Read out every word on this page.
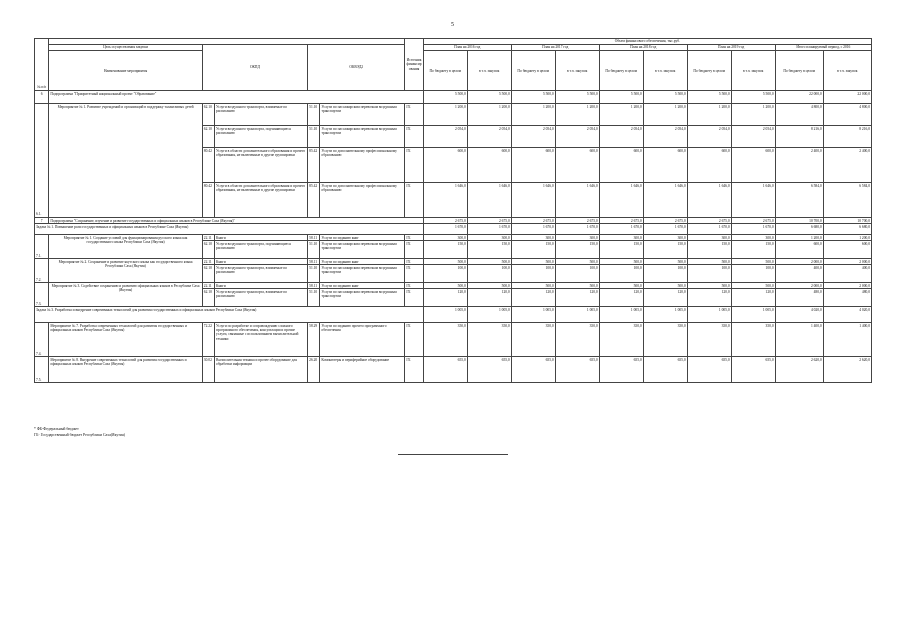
5
№ п/п						Источник финансирования	Объем финансового обеспечения, тыс.руб.									
	Цель осуществления закупки	ОКПД		ОКВЭД2			План на 2016 год		План на 2017 год		План на 2018 год		План на 2019 год		Итого планируемый период, с 2016	
	Наименование мероприятия						По бюджету в целом	в т.ч. закупок	По бюджету в целом	в т.ч. закупок	По бюджету в целом	в т.ч. закупок	По бюджету в целом	в т.ч. закупок	По бюджету в целом	в т.ч. закупок

6	Подпрограмма "Приоритетный национальный проект "Образование"						5 500,0	5 500,0	5 500,0	5 500,0	5 500,0	5 500,0	5 500,0	5 500,0	22 000,0	22 000,0
6.1.	Мероприятие № 1. Развитие учреждений и организаций в поддержку талантливых детей	62.10	Услуги воздушного транспорта, взимаемые по расписанию	51.10	Услуги по пассажирским перевозкам воздушным транспортом	ГБ	1 200,0	1 200,0	1 200,0	1 200,0	1 200,0	1 200,0	1 200,0	1 200,0	4 800,0	4 800,0
		62.10	Услуги воздушного транспорта, подчиняющиеся расписанию	51.10	Услуги по пассажирским перевозкам воздушным транспортом	ГБ	2 054,0	2 054,0	2 054,0	2 054,0	2 054,0	2 054,0	2 054,0	2 054,0	8 216,0	8 216,0
		80.42	Услуги в области дополнительного образования и прочего образования, не включенные в другие группировки	85.42	Услуги по дополнительному профессиональному образованию	ГБ	600,0	600,0	600,0	600,0	600,0	600,0	600,0	600,0	2 400,0	2 400,0
		80.42	Услуги в области дополнительного образования и прочего образования, не включенные в другие группировки	85.42	Услуги по дополнительному профессиональному образованию	ГБ	1 646,0	1 646,0	1 646,0	1 646,0	1 646,0	1 646,0	1 646,0	1 646,0	6 584,0	6 584,0
7	Подпрограмма "Сохранение, изучение и развитие государственных и официальных языков в Республике Саха (Якутия)"						2 675,0	2 675,0	2 675,0	2 675,0	2 675,0	2 675,0	2 675,0	2 675,0	10 700,0	10 700,0
Задача № 1. Повышение роли государственных и официальных языков в Республике Саха (Якутия)							1 670,0	1 670,0	1 670,0	1 670,0	1 670,0	1 670,0	1 670,0	1 670,0	6 680,0	6 680,0
7.1.	Мероприятие № 1. Создание условий для функционирования русского языка как государственного языка Республики Саха (Якутия)	22.11	Книги	58.11	Услуги по изданию книг	ГБ	300,0	300,0	300,0	300,0	300,0	300,0	300,0	300,0	1 200,0	1 200,0
		62.10	Услуги воздушного транспорта, подчиняющиеся расписанию	51.10	Услуги по пассажирским перевозкам воздушным транспортом	ГБ	150,0	150,0	150,0	150,0	150,0	150,0	150,0	150,0	600,0	600,0
7.2.	Мероприятие № 2. Сохранение и развитие якутского языка как государственного языка Республики Саха (Якутия)	22.11	Книги	58.11	Услуги по изданию книг	ГБ	500,0	500,0	500,0	500,0	500,0	500,0	500,0	500,0	2 000,0	2 000,0
		62.10	Услуги воздушного транспорта, взимаемые по расписанию	51.10	Услуги по пассажирским перевозкам воздушным транспортом	ГБ	100,0	100,0	100,0	100,0	100,0	100,0	100,0	100,0	400,0	400,0
7.3.	Мероприятие № 3. Содействие сохранению и развитию официальных языков в Республике Саха (Якутия)	22.11	Книги	58.11	Услуги по изданию книг	ГБ	500,0	500,0	500,0	500,0	500,0	500,0	500,0	500,0	2 000,0	2 000,0
		62.10	Услуги воздушного транспорта, взимаемые по расписанию	51.10	Услуги по пассажирским перевозкам воздушным транспортом	ГБ	120,0	120,0	120,0	120,0	120,0	120,0	120,0	120,0	480,0	480,0
Задача № 3. Разработка и внедрение современных технологий для развития государственных и официальных языков Республики Саха (Якутия)							1 005,0	1 005,0	1 005,0	1 005,0	1 005,0	1 005,0	1 005,0	1 005,0	4 020,0	4 020,0
7.4.	Мероприятие № 7. Разработка современных технологий для развития государственных и официальных языков Республики Саха (Якутия)	72.22	Услуги по разработке и сопровождению сложного программного обеспечения, консультации и прочие услуги, связанные с использованием вычислительной техники	58.29	Услуги по изданию прочего программного обеспечения	ГБ	350,0	350,0	350,0	350,0	350,0	350,0	350,0	350,0	1 400,0	1 400,0
7.5.	Мероприятие № 8. Внедрение современных технологий для развития государственных и официальных языков Республики Саха (Якутия)	30.02	Вычислительная техника и прочее оборудование для обработки информации	26.20	Компьютеры и периферийное оборудование	ГБ	655,0	655,0	655,0	655,0	655,0	655,0	655,0	655,0	2 620,0	2 620,0
* ФБ-Федеральный бюджет
ГБ- Государственный бюджет Республики Саха(Якутия)
